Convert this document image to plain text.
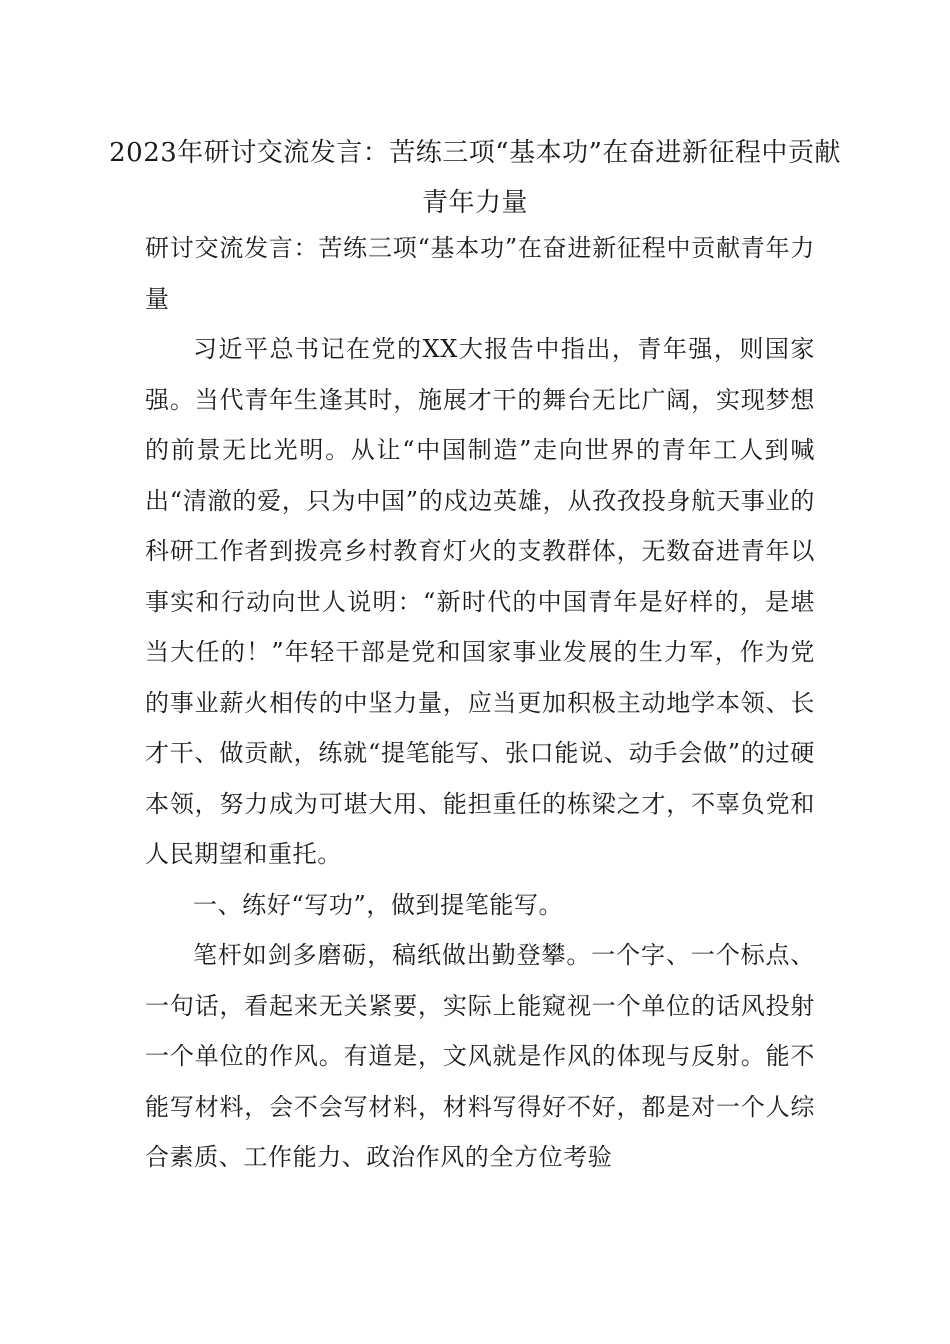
2023年研讨交流发言：苦练三项“基本功”在奋进新征程中贡献青年力量

研讨交流发言：苦练三项“基本功”在奋进新征程中贡献青年力量

习近平总书记在党的XX大报告中指出，青年强，则国家强。当代青年生逢其时，施展才干的舞台无比广阔，实现梦想的前景无比光明。从让“中国制造”走向世界的青年工人到喊出“清澈的爱，只为中国”的戍边英雄，从孜孜投身航天事业的科研工作者到拨亮乡村教育灯火的支教群体，无数奋进青年以事实和行动向世人说明：“新时代的中国青年是好样的，是堪当大任的！”年轻干部是党和国家事业发展的生力军，作为党的事业薪火相传的中坚力量，应当更加积极主动地学本领、长才干、做贡献，练就“提笔能写、张口能说、动手会做”的过硬本领，努力成为可堪大用、能担重任的栋梁之才，不辜负党和人民期望和重托。

一、练好“写功”，做到提笔能写。

笔杆如剑多磨砺，稿纸做出勤登攀。一个字、一个标点、一句话，看起来无关紧要，实际上能窥视一个单位的话风投射一个单位的作风。有道是，文风就是作风的体现与反射。能不能写材料，会不会写材料，材料写得好不好，都是对一个人综合素质、工作能力、政治作风的全方位考验
